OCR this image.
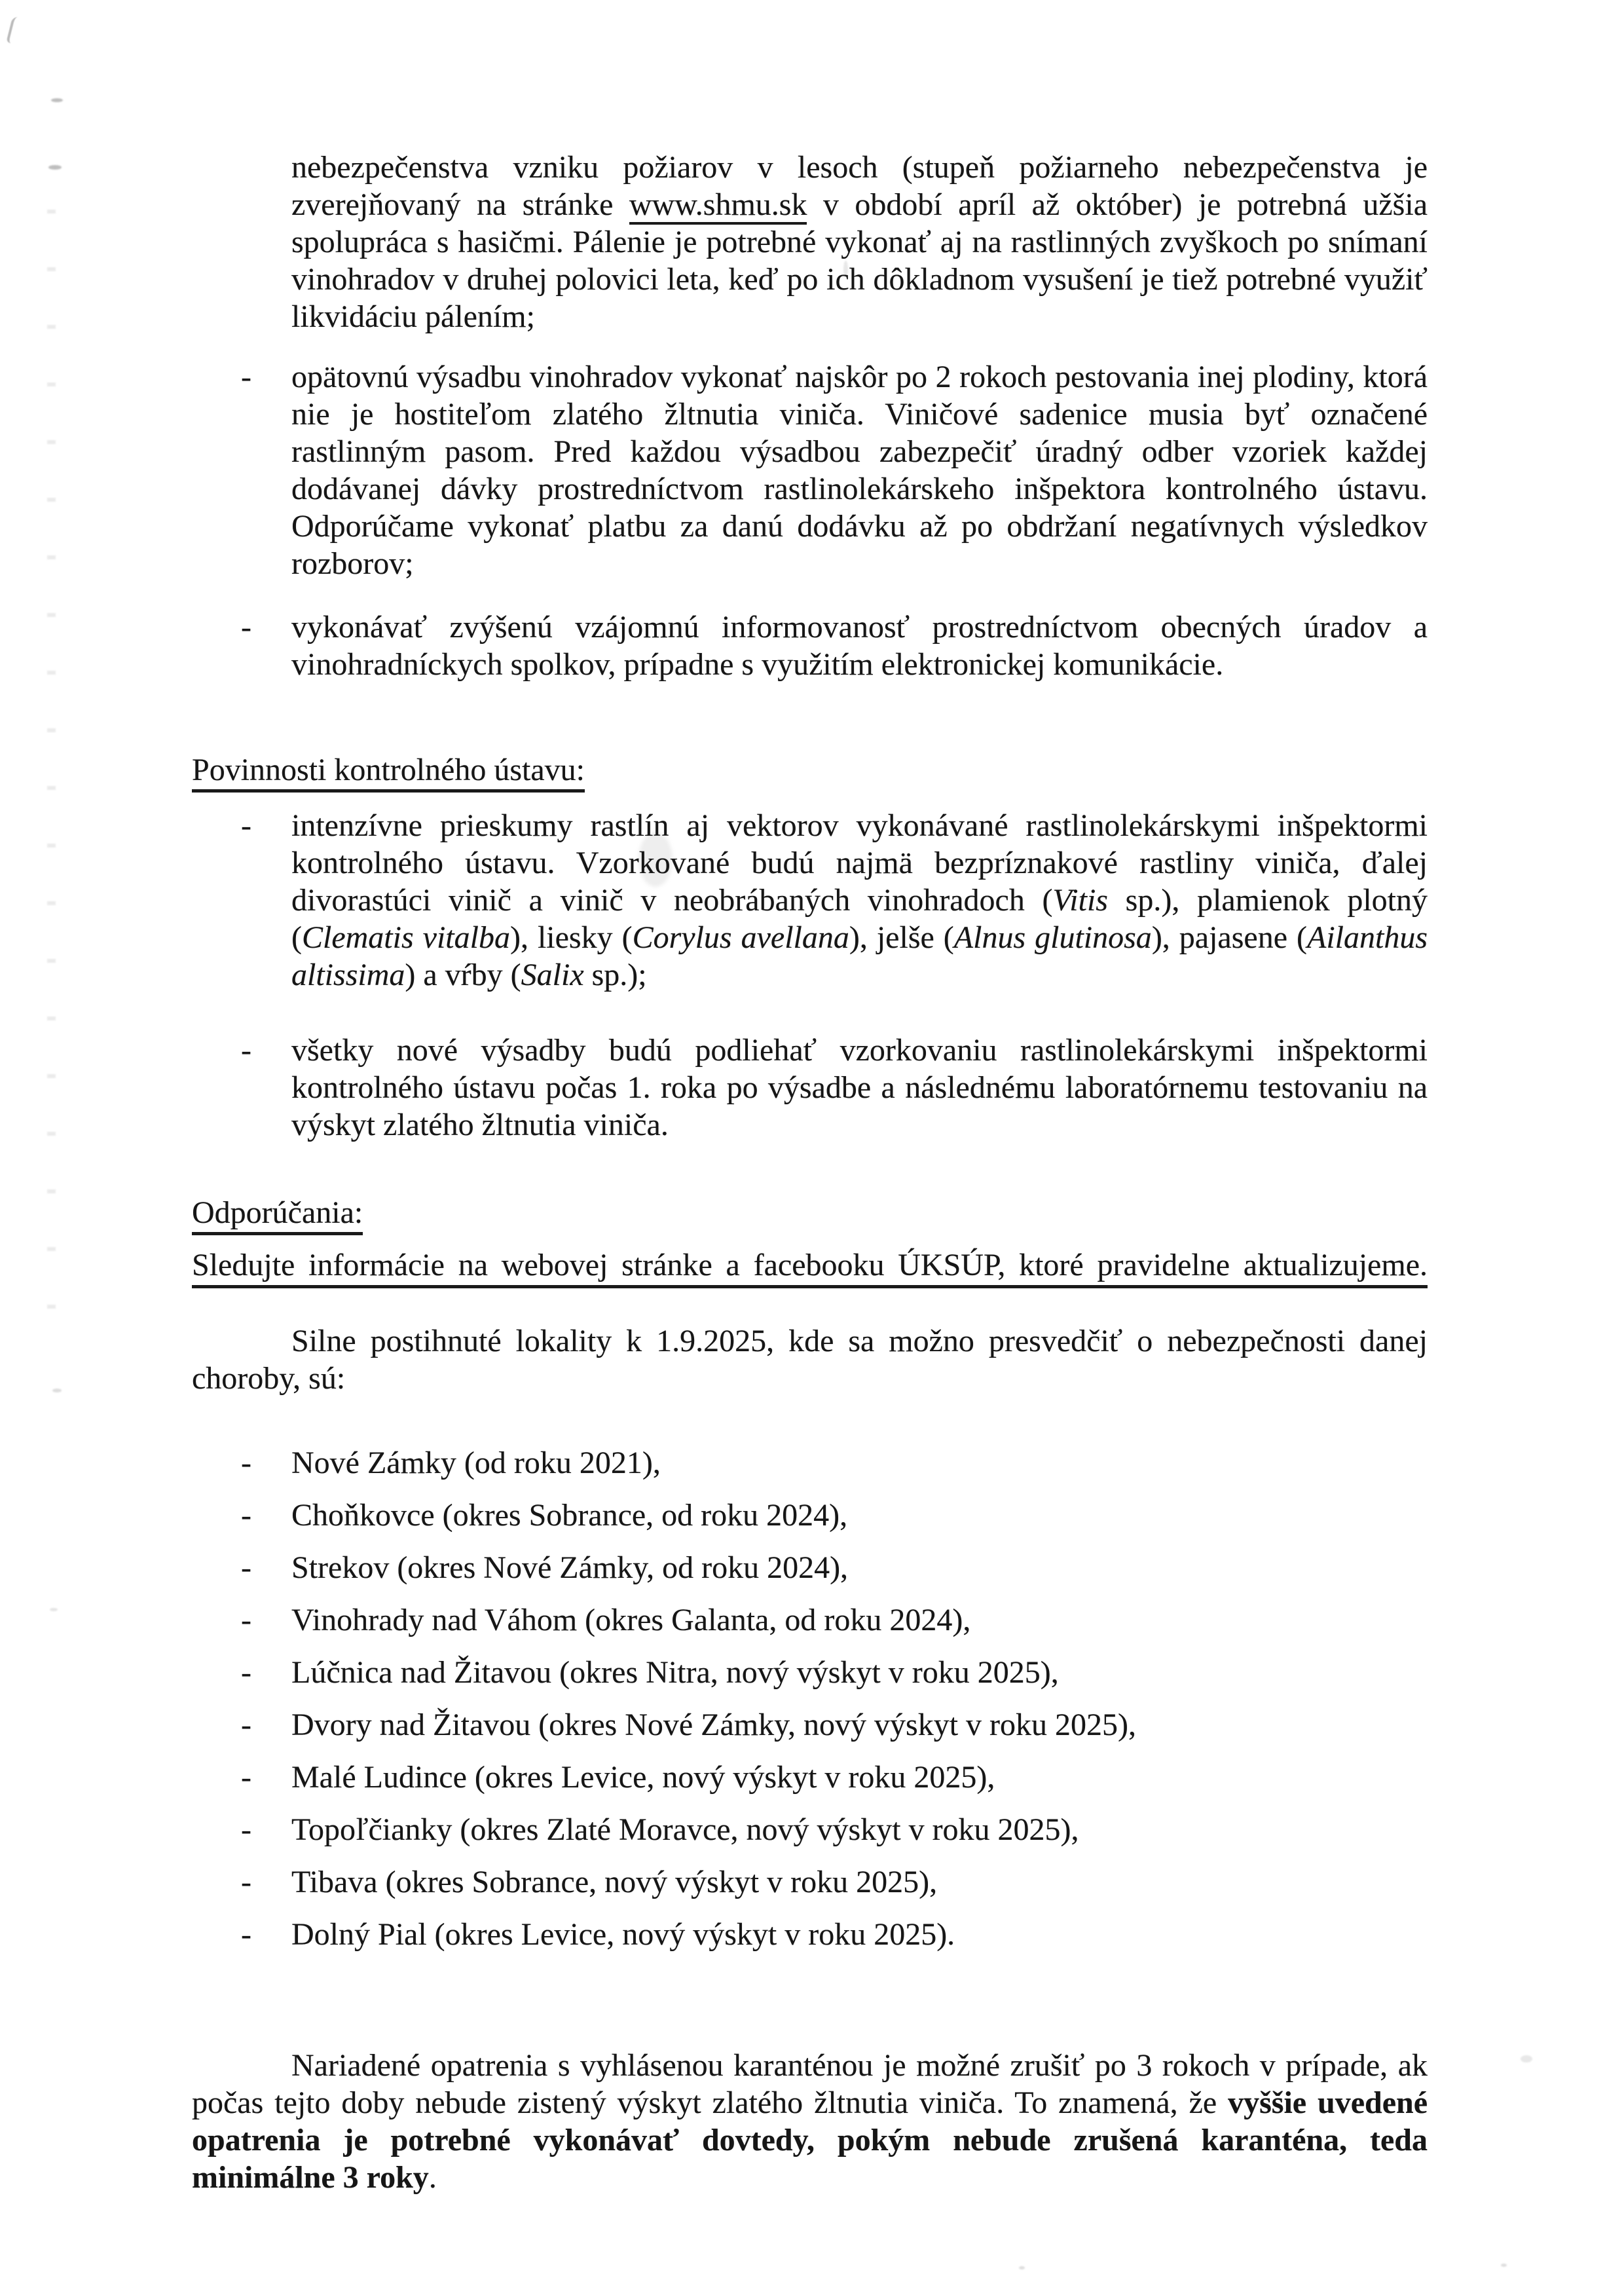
nebezpečenstva vzniku požiarov v lesoch (stupeň požiarneho nebezpečenstva je zverejňovaný na stránke www.shmu.sk v období apríl až október) je potrebná užšia spolupráca s hasičmi. Pálenie je potrebné vykonať aj na rastlinných zvyškoch po snímaní vinohradov v druhej polovici leta, keď po ich dôkladnom vysušení je tiež potrebné využiť likvidáciu pálením;

- opätovnú výsadbu vinohradov vykonať najskôr po 2 rokoch pestovania inej plodiny, ktorá nie je hostiteľom zlatého žltnutia viniča. Viničové sadenice musia byť označené rastlinným pasom. Pred každou výsadbou zabezpečiť úradný odber vzoriek každej dodávanej dávky prostredníctvom rastlinolekárskeho inšpektora kontrolného ústavu. Odporúčame vykonať platbu za danú dodávku až po obdržaní negatívnych výsledkov rozborov;
- vykonávať zvýšenú vzájomnú informovanosť prostredníctvom obecných úradov a vinohradníckych spolkov, prípadne s využitím elektronickej komunikácie.
Povinnosti kontrolného ústavu:
- intenzívne prieskumy rastlín aj vektorov vykonávané rastlinolekárskymi inšpektormi kontrolného ústavu. Vzorkované budú najmä bezpríznakové rastliny viniča, ďalej divorastúci vinič a vinič v neobrábaných vinohradoch (Vitis sp.), plamienok plotný (Clematis vitalba), liesky (Corylus avellana), jelše (Alnus glutinosa), pajasene (Ailanthus altissima) a vŕby (Salix sp.);
- všetky nové výsadby budú podliehať vzorkovaniu rastlinolekárskymi inšpektormi kontrolného ústavu počas 1. roka po výsadbe a následnému laboratórnemu testovaniu na výskyt zlatého žltnutia viniča.
Odporúčania:

Sledujte informácie na webovej stránke a facebooku ÚKSÚP, ktoré pravidelne aktualizujeme.

Silne postihnuté lokality k 1.9.2025, kde sa možno presvedčiť o nebezpečnosti danej choroby, sú:

- Nové Zámky (od roku 2021),
- Choňkovce (okres Sobrance, od roku 2024),
- Strekov (okres Nové Zámky, od roku 2024),
- Vinohrady nad Váhom (okres Galanta, od roku 2024),
- Lúčnica nad Žitavou (okres Nitra, nový výskyt v roku 2025),
- Dvory nad Žitavou (okres Nové Zámky, nový výskyt v roku 2025),
- Malé Ludince (okres Levice, nový výskyt v roku 2025),
- Topoľčianky (okres Zlaté Moravce, nový výskyt v roku 2025),
- Tibava (okres Sobrance, nový výskyt v roku 2025),
- Dolný Pial (okres Levice, nový výskyt v roku 2025).

Nariadené opatrenia s vyhlásenou karanténou je možné zrušiť po 3 rokoch v prípade, ak počas tejto doby nebude zistený výskyt zlatého žltnutia viniča. To znamená, že vyššie uvedené opatrenia je potrebné vykonávať dovtedy, pokým nebude zrušená karanténa, teda minimálne 3 roky.
